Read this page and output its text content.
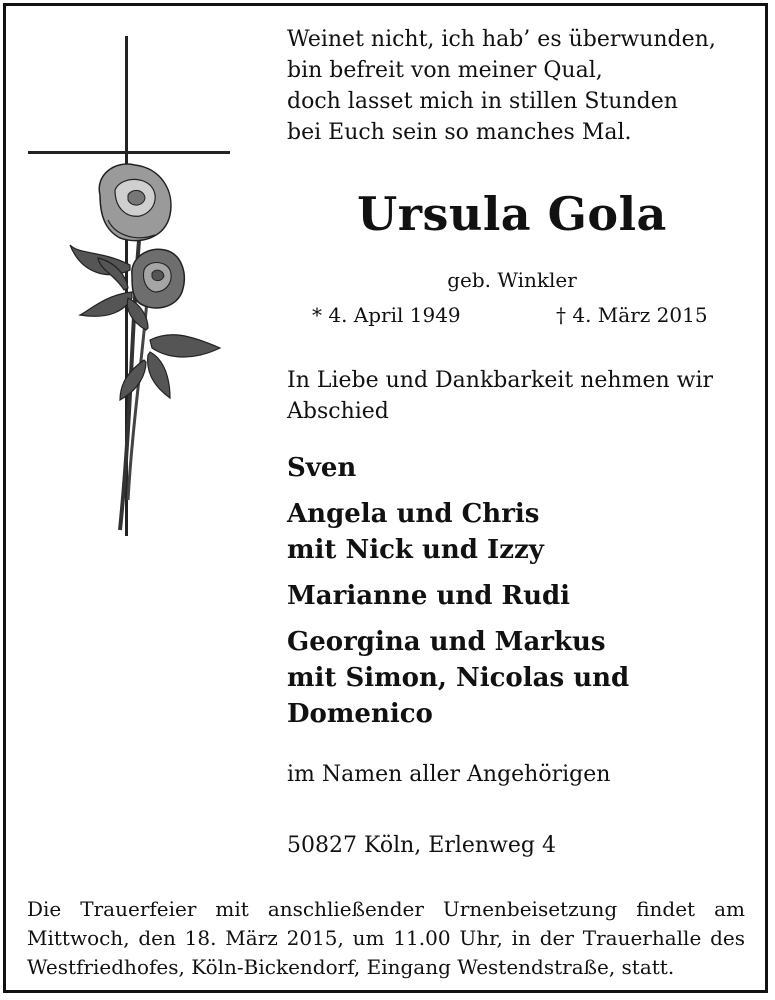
Weinet nicht, ich hab’ es überwunden,
bin befreit von meiner Qual,
doch lasset mich in stillen Stunden
bei Euch sein so manches Mal.
Ursula Gola
geb. Winkler
* 4. April 1949	† 4. März 2015
In Liebe und Dankbarkeit nehmen wir Abschied
Sven
Angela und Chris
mit Nick und Izzy
Marianne und Rudi
Georgina und Markus
mit Simon, Nicolas und
Domenico
im Namen aller Angehörigen
50827 Köln, Erlenweg 4
Die Trauerfeier mit anschließender Urnenbeisetzung findet am
Mittwoch, den 18. März 2015, um 11.00 Uhr, in der Trauerhalle des
Westfriedhofes, Köln-Bickendorf, Eingang Westendstraße, statt.
